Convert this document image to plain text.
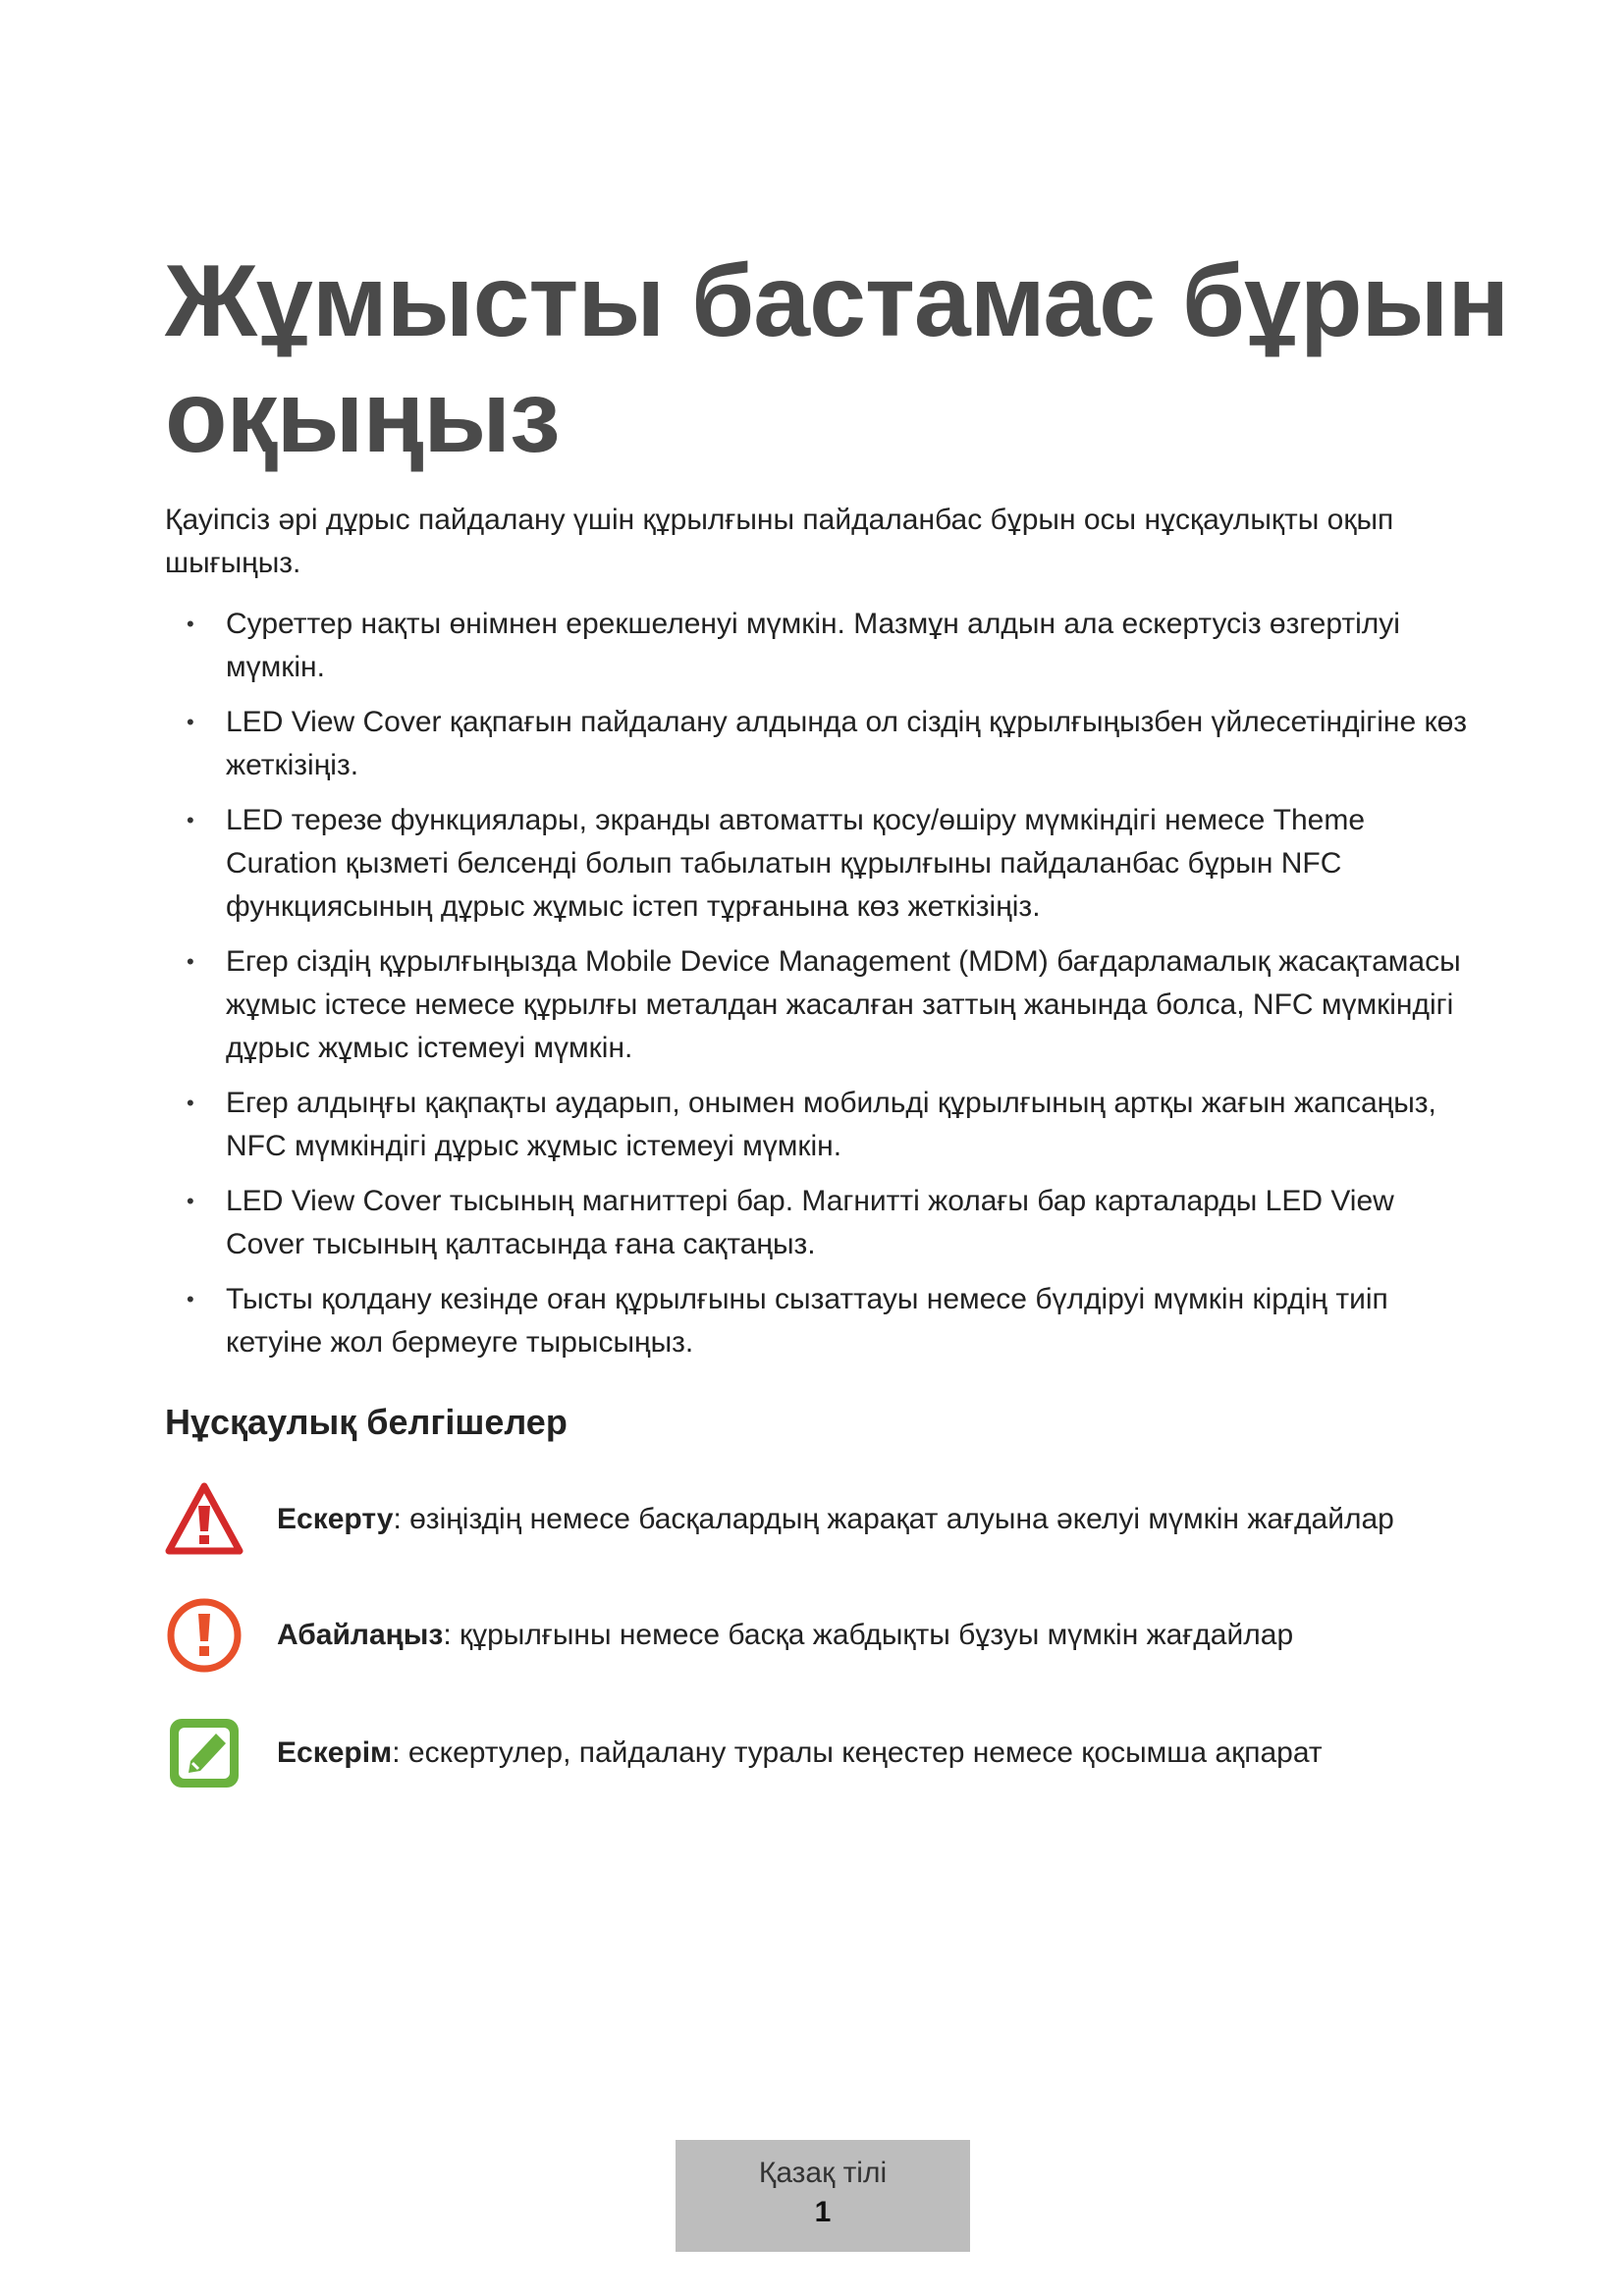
Жұмысты бастамас бұрын оқыңыз

Қауіпсіз әрі дұрыс пайдалану үшін құрылғыны пайдаланбас бұрын осы нұсқаулықты оқып шығыңыз.

• Суреттер нақты өнімнен ерекшеленуі мүмкін. Мазмұн алдын ала ескертусіз өзгертілуі мүмкін.
• LED View Cover қақпағын пайдалану алдында ол сіздің құрылғыңызбен үйлесетіндігіне көз жеткізіңіз.
• LED терезе функциялары, экранды автоматты қосу/өшіру мүмкіндігі немесе Theme Curation қызметі белсенді болып табылатын құрылғыны пайдаланбас бұрын NFC функциясының дұрыс жұмыс істеп тұрғанына көз жеткізіңіз.
• Егер сіздің құрылғыңызда Mobile Device Management (MDM) бағдарламалық жасақтамасы жұмыс істесе немесе құрылғы металдан жасалған заттың жанында болса, NFC мүмкіндігі дұрыс жұмыс істемеуі мүмкін.
• Егер алдыңғы қақпақты аударып, онымен мобильді құрылғының артқы жағын жапсаңыз, NFC мүмкіндігі дұрыс жұмыс істемеуі мүмкін.
• LED View Cover тысының магниттері бар. Магнитті жолағы бар карталарды LED View Cover тысының қалтасында ғана сақтаңыз.
• Тысты қолдану кезінде оған құрылғыны сызаттауы немесе бүлдіруі мүмкін кірдің тиіп кетуіне жол бермеуге тырысыңыз.
Нұсқаулық белгішелер
Ескерту: өзіңіздің немесе басқалардың жарақат алуына әкелуі мүмкін жағдайлар
Абайлаңыз: құрылғыны немесе басқа жабдықты бұзуы мүмкін жағдайлар
Ескерім: ескертулер, пайдалану туралы кеңестер немесе қосымша ақпарат
Қазақ тілі
1
